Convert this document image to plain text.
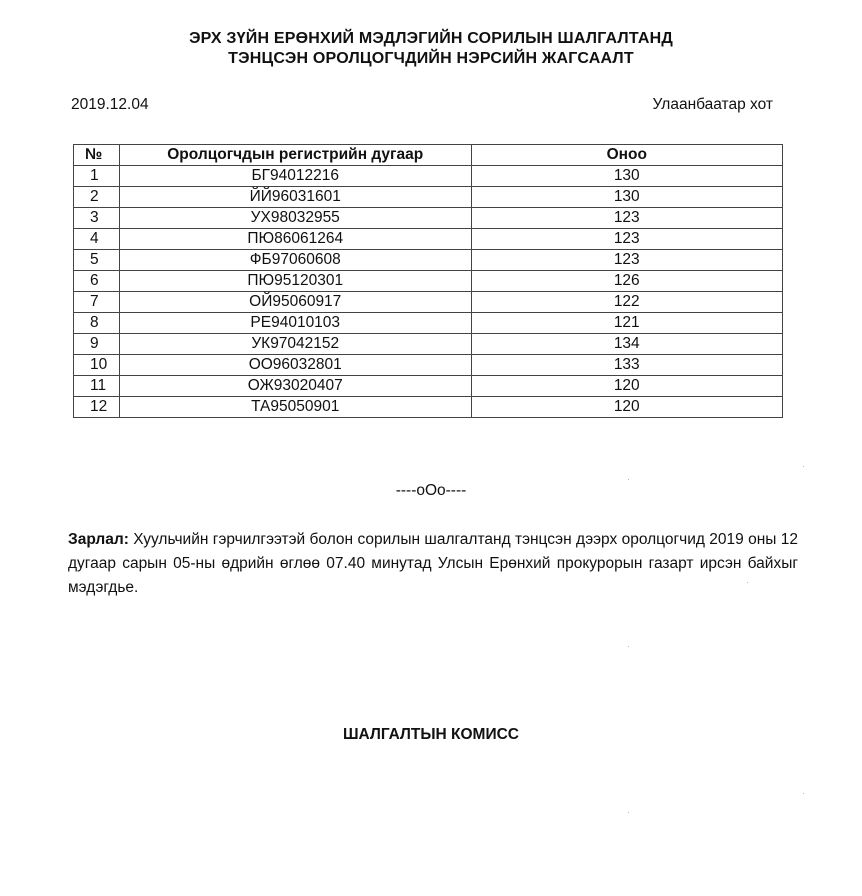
ЭРХ ЗҮЙН ЕРӨНХИЙ МЭДЛЭГИЙН СОРИЛЫН ШАЛГАЛТАНД
ТЭНЦСЭН ОРОЛЦОГЧДИЙН НЭРСИЙН ЖАГСААЛТ
2019.12.04	Улаанбаатар хот
№	Оролцогчдын регистрийн дугаар	Оноо
1	БГ94012216	130
2	ЙЙ96031601	130
3	УХ98032955	123
4	ПЮ86061264	123
5	ФБ97060608	123
6	ПЮ95120301	126
7	ОЙ95060917	122
8	РЕ94010103	121
9	УК97042152	134
10	ОО96032801	133
11	ОЖ93020407	120
12	ТА95050901	120
----oOo----
Зарлал: Хуульчийн гэрчилгээтэй болон сорилын шалгалтанд тэнцсэн дээрх оролцогчид 2019 оны 12 дугаар сарын 05-ны өдрийн өглөө 07.40 минутад Улсын Ерөнхий прокурорын газарт ирсэн байхыг мэдэгдье.
ШАЛГАЛТЫН КОМИСС
